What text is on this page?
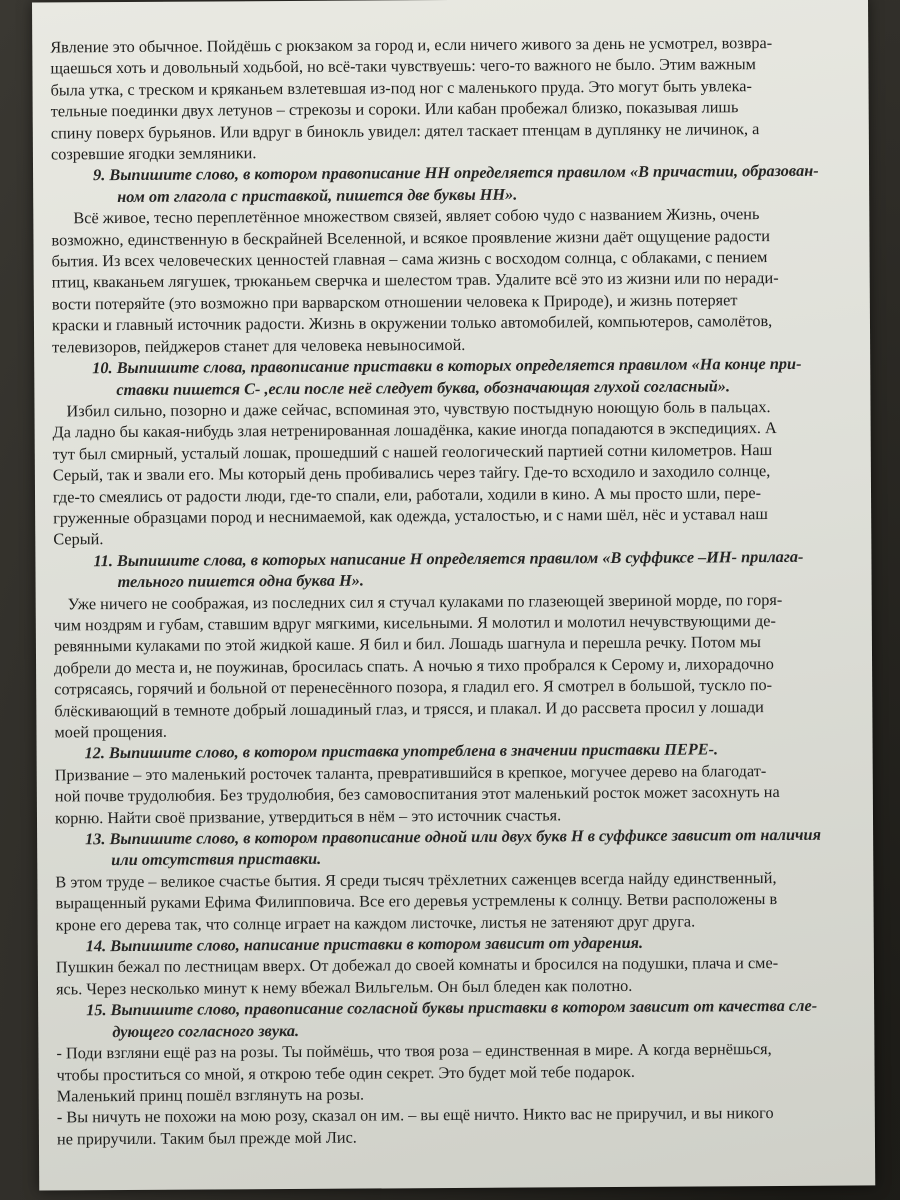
Явление это обычное. Пойдёшь с рюкзаком за город и, если ничего живого за день не усмотрел, возвра-
щаешься хоть и довольный ходьбой, но всё-таки чувствуешь: чего-то важного не было. Этим важным
была утка, с треском и кряканьем взлетевшая из-под ног с маленького пруда. Это могут быть увлека-
тельные поединки двух летунов – стрекозы и сороки. Или кабан пробежал близко, показывая лишь
спину поверх бурьянов. Или вдруг в бинокль увидел: дятел таскает птенцам в дуплянку не личинок, а
созревшие ягодки земляники.
9. Выпишите слово, в котором правописание НН определяется правилом «В причастии, образован-
ном от глагола с приставкой, пишется две буквы НН».
Всё живое, тесно переплетённое множеством связей, являет собою чудо с названием Жизнь, очень
возможно, единственную в бескрайней Вселенной, и всякое проявление жизни даёт ощущение радости
бытия. Из всех человеческих ценностей главная – сама жизнь с восходом солнца, с облаками, с пением
птиц, кваканьем лягушек, трюканьем сверчка и шелестом трав. Удалите всё это из жизни или по неради-
вости потеряйте (это возможно при варварском отношении человека к Природе), и жизнь потеряет
краски и главный источник радости. Жизнь в окружении только автомобилей, компьютеров, самолётов,
телевизоров, пейджеров станет для человека невыносимой.
10. Выпишите слова, правописание приставки в которых определяется правилом «На конце при-
ставки пишется С- ,если после неё следует буква, обозначающая глухой согласный».
Избил сильно, позорно и даже сейчас, вспоминая это, чувствую постыдную ноющую боль в пальцах.
Да ладно бы какая-нибудь злая нетренированная лошадёнка, какие иногда попадаются в экспедициях. А
тут был смирный, усталый лошак, прошедший с нашей геологический партией сотни километров. Наш
Серый, так и звали его. Мы который день пробивались через тайгу. Где-то всходило и заходило солнце,
где-то смеялись от радости люди, где-то спали, ели, работали, ходили в кино. А мы просто шли, пере-
груженные образцами пород и неснимаемой, как одежда, усталостью, и с нами шёл, нёс и уставал наш
Серый.
11. Выпишите слова, в которых написание Н определяется правилом «В суффиксе –ИН- прилага-
тельного пишется одна буква Н».
Уже ничего не соображая, из последних сил я стучал кулаками по глазеющей звериной морде, по горя-
чим ноздрям и губам, ставшим вдруг мягкими, кисельными. Я молотил и молотил нечувствующими де-
ревянными кулаками по этой жидкой каше. Я бил и бил. Лошадь шагнула и перешла речку. Потом мы
добрели до места и, не поужинав, бросилась спать. А ночью я тихо пробрался к Серому и, лихорадочно
сотрясаясь, горячий и больной от перенесённого позора, я гладил его. Я смотрел в большой, тускло по-
блёскивающий в темноте добрый лошадиный глаз, и трясся, и плакал. И до рассвета просил у лошади
моей прощения.
12. Выпишите слово, в котором приставка употреблена в значении приставки ПЕРЕ-.
Призвание – это маленький росточек таланта, превратившийся в крепкое, могучее дерево на благодат-
ной почве трудолюбия. Без трудолюбия, без самовоспитания этот маленький росток может засохнуть на
корню. Найти своё призвание, утвердиться в нём – это источник счастья.
13. Выпишите слово, в котором правописание одной или двух букв Н в суффиксе зависит от наличия
или отсутствия приставки.
В этом труде – великое счастье бытия. Я среди тысяч трёхлетних саженцев всегда найду единственный,
выращенный руками Ефима Филипповича. Все его деревья устремлены к солнцу. Ветви расположены в
кроне его дерева так, что солнце играет на каждом листочке, листья не затеняют друг друга.
14. Выпишите слово, написание приставки в котором зависит от ударения.
Пушкин бежал по лестницам вверх. От добежал до своей комнаты и бросился на подушки, плача и сме-
ясь. Через несколько минут к нему вбежал Вильгельм. Он был бледен как полотно.
15. Выпишите слово, правописание согласной буквы приставки в котором зависит от качества сле-
дующего согласного звука.
- Поди взгляни ещё раз на розы. Ты поймёшь, что твоя роза – единственная в мире. А когда вернёшься,
чтобы проститься со мной, я открою тебе один секрет. Это будет мой тебе подарок.
Маленький принц пошёл взглянуть на розы.
- Вы ничуть не похожи на мою розу, сказал он им. – вы ещё ничто. Никто вас не приручил, и вы никого
не приручили. Таким был прежде мой Лис.
